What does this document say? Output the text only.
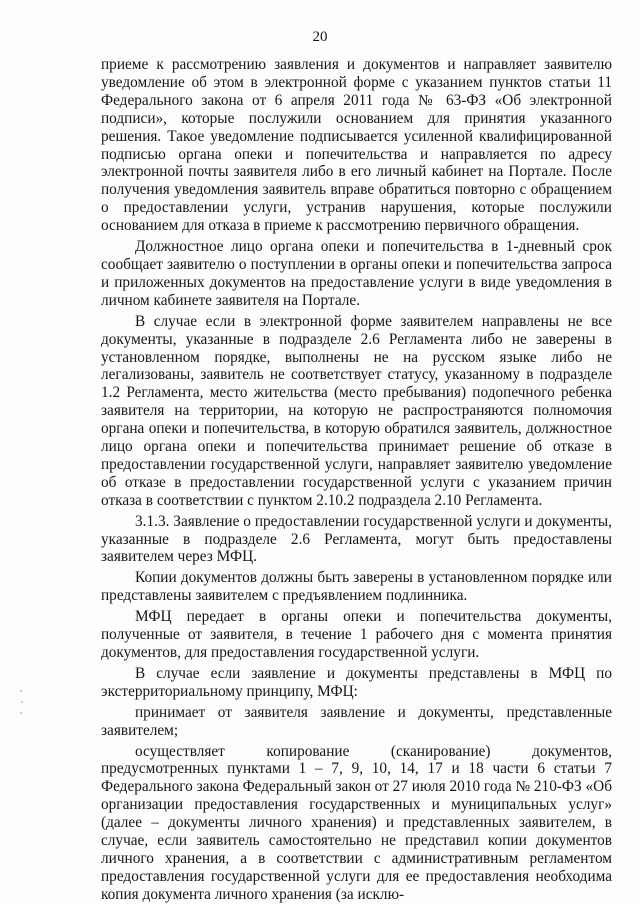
20

приеме к рассмотрению заявления и документов и направляет заявителю уведомление об этом в электронной форме с указанием пунктов статьи 11 Федерального закона от 6 апреля 2011 года № 63-ФЗ «Об электронной подписи», которые послужили основанием для принятия указанного решения. Такое уведомление подписывается усиленной квалифицированной подписью органа опеки и попечительства и направляется по адресу электронной почты заявителя либо в его личный кабинет на Портале. После получения уведомления заявитель вправе обратиться повторно с обращением о предоставлении услуги, устранив нарушения, которые послужили основанием для отказа в приеме к рассмотрению первичного обращения.

Должностное лицо органа опеки и попечительства в 1-дневный срок сообщает заявителю о поступлении в органы опеки и попечительства запроса и приложенных документов на предоставление услуги в виде уведомления в личном кабинете заявителя на Портале.

В случае если в электронной форме заявителем направлены не все документы, указанные в подразделе 2.6 Регламента либо не заверены в установленном порядке, выполнены не на русском языке либо не легализованы, заявитель не соответствует статусу, указанному в подразделе 1.2 Регламента, место жительства (место пребывания) подопечного ребенка заявителя на территории, на которую не распространяются полномочия органа опеки и попечительства, в которую обратился заявитель, должностное лицо органа опеки и попечительства принимает решение об отказе в предоставлении государственной услуги, направляет заявителю уведомление об отказе в предоставлении государственной услуги с указанием причин отказа в соответствии с пунктом 2.10.2 подраздела 2.10 Регламента.

3.1.3. Заявление о предоставлении государственной услуги и документы, указанные в подразделе 2.6 Регламента, могут быть предоставлены заявителем через МФЦ.

Копии документов должны быть заверены в установленном порядке или представлены заявителем с предъявлением подлинника.

МФЦ передает в органы опеки и попечительства документы, полученные от заявителя, в течение 1 рабочего дня с момента принятия документов, для предоставления государственной услуги.

В случае если заявление и документы представлены в МФЦ по экстерриториальному принципу, МФЦ:

принимает от заявителя заявление и документы, представленные заявителем;

осуществляет копирование (сканирование) документов, предусмотренных пунктами 1 – 7, 9, 10, 14, 17 и 18 части 6 статьи 7 Федерального закона Федеральный закон от 27 июля 2010 года № 210-ФЗ «Об организации предоставления государственных и муниципальных услуг» (далее – документы личного хранения) и представленных заявителем, в случае, если заявитель самостоятельно не представил копии документов личного хранения, а в соответствии с административным регламентом предоставления государственной услуги для ее предоставления необходима копия документа личного хранения (за исклю-
